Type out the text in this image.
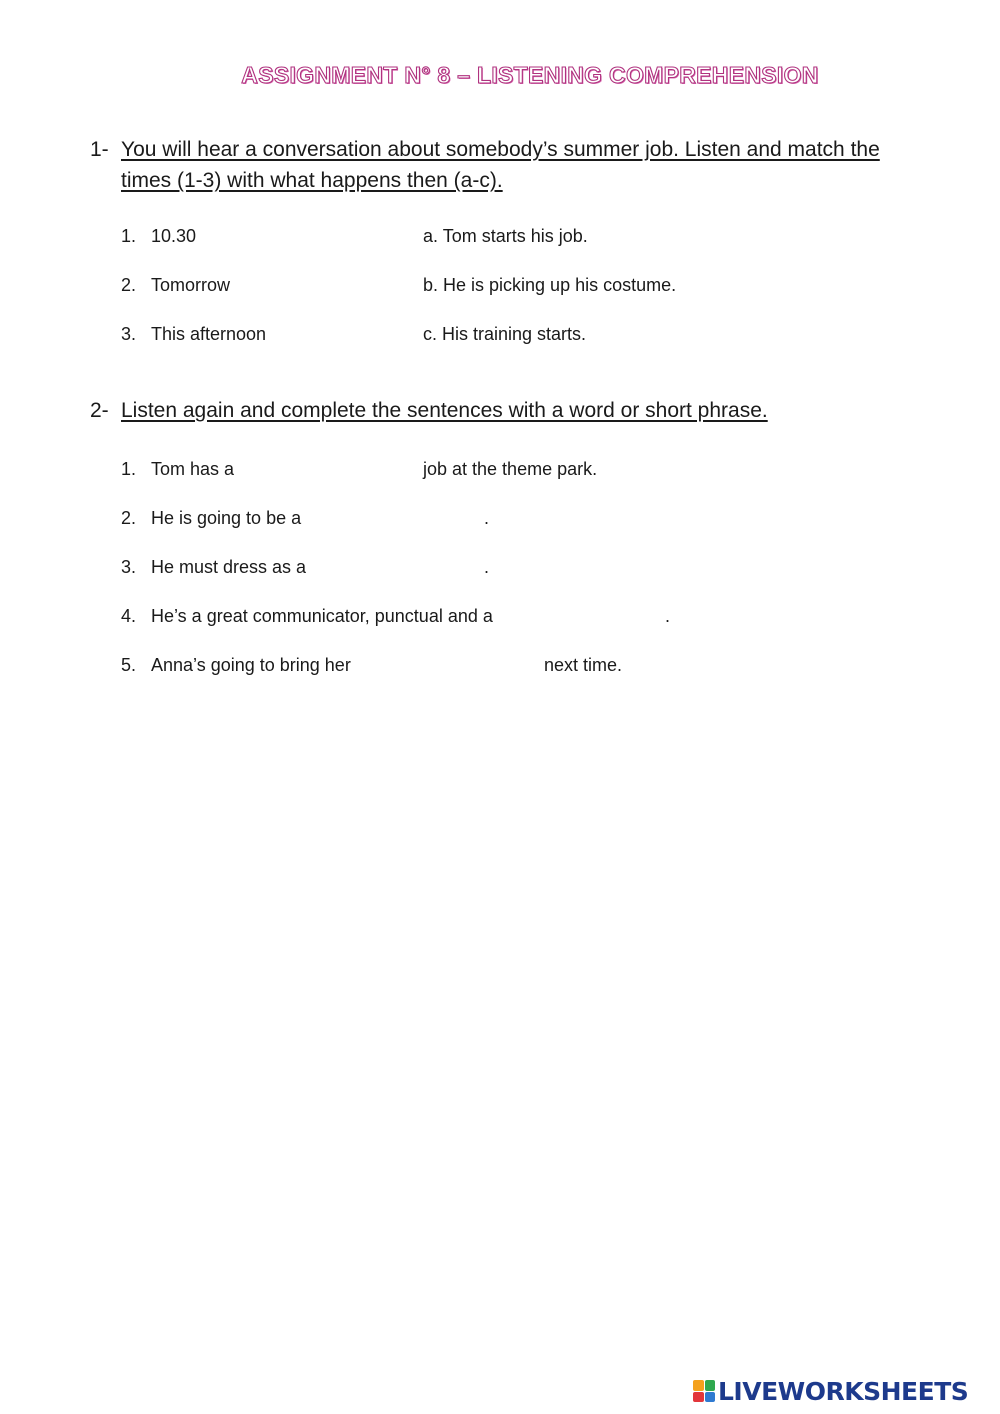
ASSIGNMENT N° 8 – LISTENING COMPREHENSION
1- You will hear a conversation about somebody’s summer job. Listen and match the times (1-3) with what happens then (a-c).
1. 10.30	a. Tom starts his job.
2. Tomorrow	b. He is picking up his costume.
3. This afternoon	c. His training starts.
2- Listen again and complete the sentences with a word or short phrase.
1. Tom has a	job at the theme park.
2. He is going to be a	.
3. He must dress as a	.
4. He’s a great communicator, punctual and a	.
5. Anna’s going to bring her	next time.
LIVEWORKSHEETS
